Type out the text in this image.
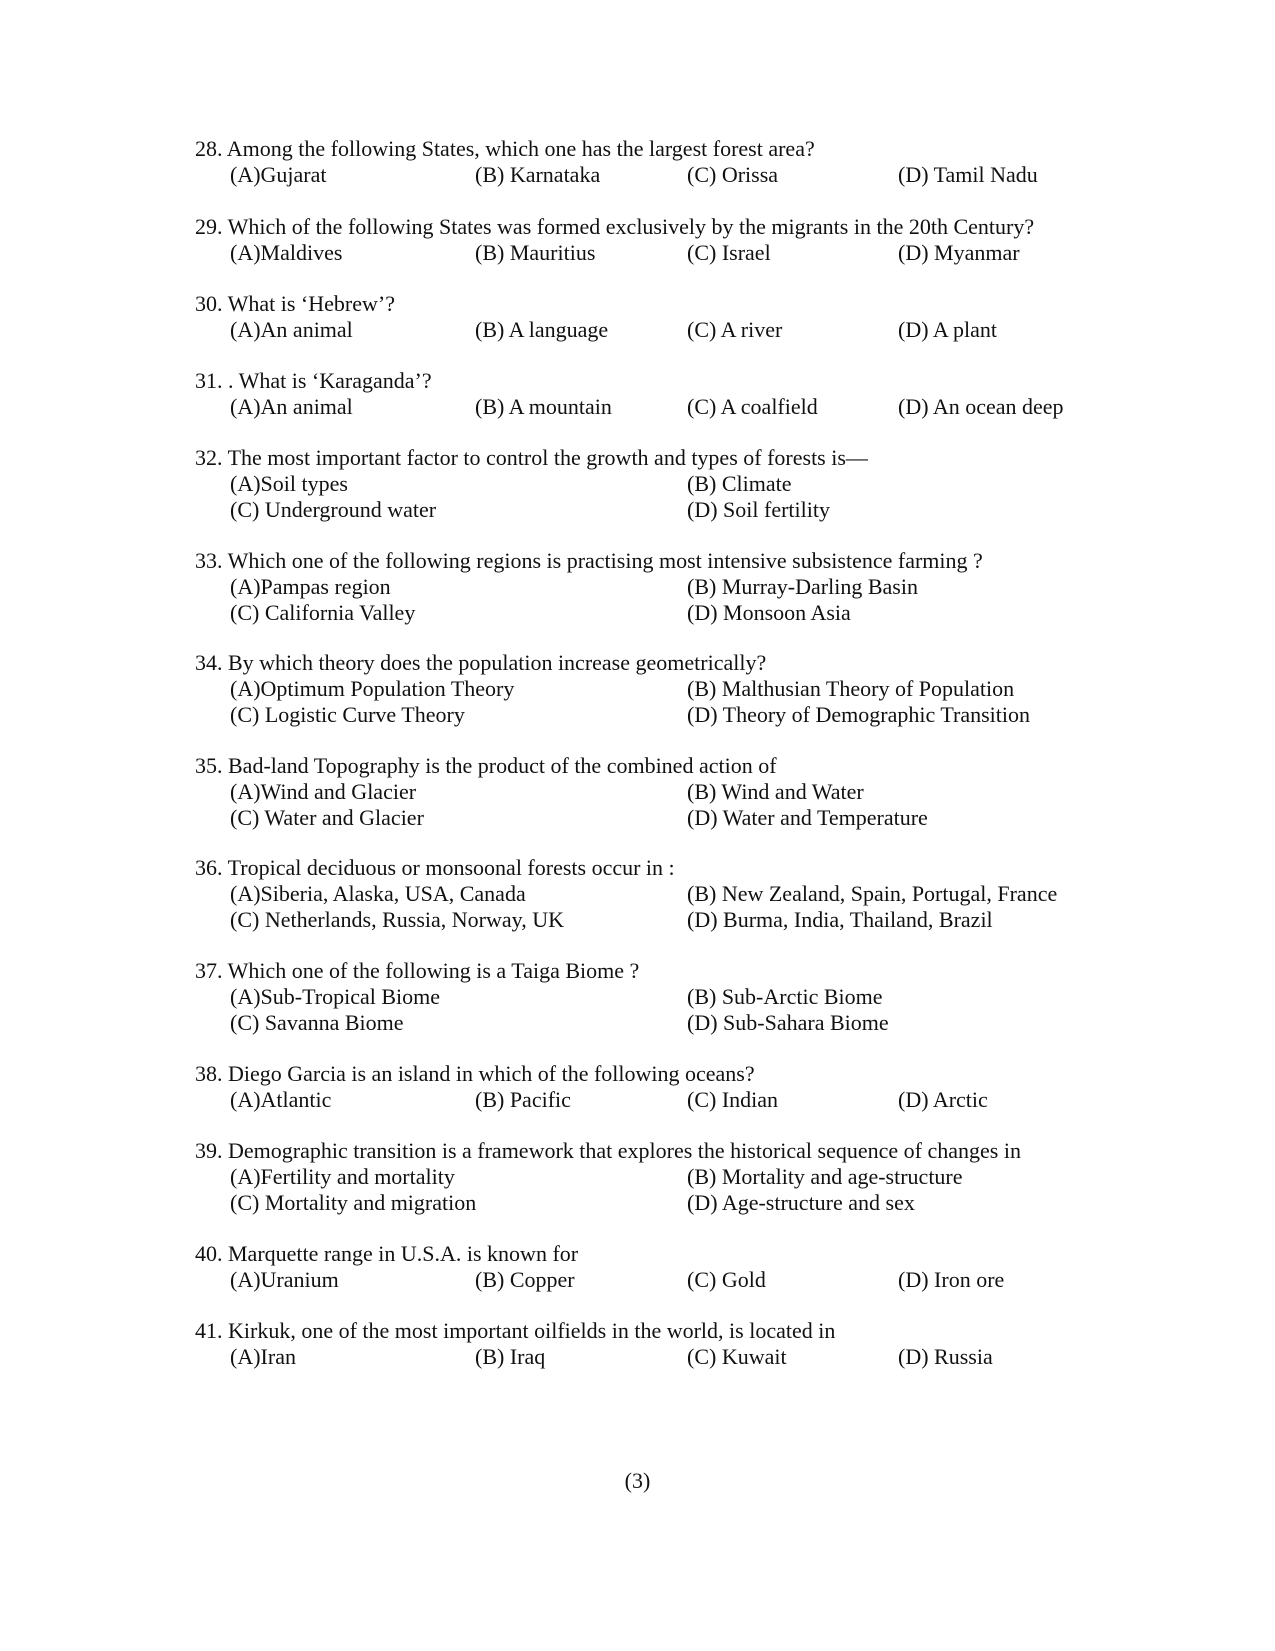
28. Among the following States, which one has the largest forest area?
(A)Gujarat	(B) Karnataka	(C) Orissa	(D) Tamil Nadu
29. Which of the following States was formed exclusively by the migrants in the 20th Century?
(A)Maldives	(B) Mauritius	(C) Israel	(D) Myanmar
30. What is ‘Hebrew’?
(A)An animal	(B) A language	(C) A river	(D) A plant
31. . What is ‘Karaganda’?
(A)An animal	(B) A mountain	(C) A coalfield	(D) An ocean deep
32. The most important factor to control the growth and types of forests is—
(A)Soil types	(B) Climate
(C) Underground water	(D) Soil fertility
33. Which one of the following regions is practising most intensive subsistence farming ?
(A)Pampas region	(B) Murray-Darling Basin
(C) California Valley	(D) Monsoon Asia
34. By which theory does the population increase geometrically?
(A)Optimum Population Theory	(B) Malthusian Theory of Population
(C) Logistic Curve Theory	(D) Theory of Demographic Transition
35. Bad-land Topography is the product of the combined action of
(A)Wind and Glacier	(B) Wind and Water
(C) Water and Glacier	(D) Water and Temperature
36. Tropical deciduous or monsoonal forests occur in :
(A)Siberia, Alaska, USA, Canada	(B) New Zealand, Spain, Portugal, France
(C) Netherlands, Russia, Norway, UK	(D) Burma, India, Thailand, Brazil
37. Which one of the following is a Taiga Biome ?
(A)Sub-Tropical Biome	(B) Sub-Arctic Biome
(C) Savanna Biome	(D) Sub-Sahara Biome
38. Diego Garcia is an island in which of the following oceans?
(A)Atlantic	(B) Pacific	(C) Indian	(D) Arctic
39. Demographic transition is a framework that explores the historical sequence of changes in
(A)Fertility and mortality	(B) Mortality and age-structure
(C) Mortality and migration	(D) Age-structure and sex
40. Marquette range in U.S.A. is known for
(A)Uranium	(B) Copper	(C) Gold	(D) Iron ore
41. Kirkuk, one of the most important oilfields in the world, is located in
(A)Iran	(B) Iraq	(C) Kuwait	(D) Russia
(3)
